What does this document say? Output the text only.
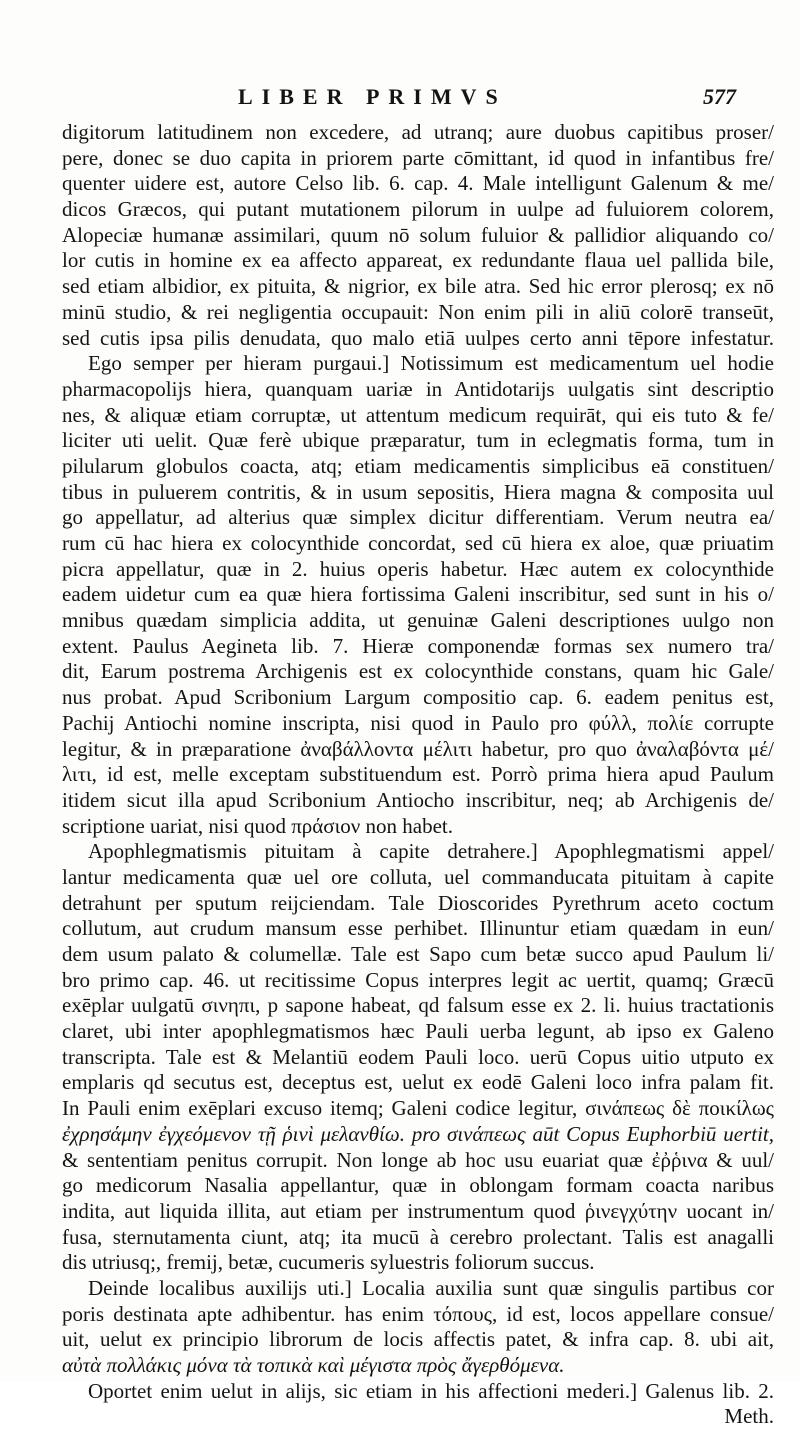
LIBER PRIMVS	577
digitorum latitudinem non excedere, ad utranq; aure duobus capitibus proser/
pere, donec se duo capita in priorem parte cōmittant, id quod in infantibus fre/
quenter uidere est, autore Celso lib. 6. cap. 4. Male intelligunt Galenum & me/
dicos Græcos, qui putant mutationem pilorum in uulpe ad fuluiorem colorem,
Alopeciæ humanæ assimilari, quum nō solum fuluior & pallidior aliquando co/
lor cutis in homine ex ea affecto appareat, ex redundante flaua uel pallida bile,
sed etiam albidior, ex pituita, & nigrior, ex bile atra. Sed hic error plerosq; ex nō
minū studio, & rei negligentia occupauit: Non enim pili in aliū colorē transeūt,
sed cutis ipsa pilis denudata, quo malo etiā uulpes certo anni tēpore infestatur.
Ego semper per hieram purgaui.] Notissimum est medicamentum uel hodie
pharmacopolijs hiera, quanquam uariæ in Antidotarijs uulgatis sint descriptio
nes, & aliquæ etiam corruptæ, ut attentum medicum requirāt, qui eis tuto & fe/
liciter uti uelit. Quæ ferè ubique præparatur, tum in eclegmatis forma, tum in
pilularum globulos coacta, atq; etiam medicamentis simplicibus eā constituen/
tibus in puluerem contritis, & in usum sepositis, Hiera magna & composita uul
go appellatur, ad alterius quæ simplex dicitur differentiam. Verum neutra ea/
rum cū hac hiera ex colocynthide concordat, sed cū hiera ex aloe, quæ priuatim
picra appellatur, quæ in 2. huius operis habetur. Hæc autem ex colocynthide
eadem uidetur cum ea quæ hiera fortissima Galeni inscribitur, sed sunt in his o/
mnibus quædam simplicia addita, ut genuinæ Galeni descriptiones uulgo non
extent. Paulus Aegineta lib. 7. Hieræ componendæ formas sex numero tra/
dit, Earum postrema Archigenis est ex colocynthide constans, quam hic Gale/
nus probat. Apud Scribonium Largum compositio cap. 6. eadem penitus est,
Pachij Antiochi nomine inscripta, nisi quod in Paulo pro φύλλ, πολίε corrupte
legitur, & in præparatione ἀναβάλλοντα μέλιτι habetur, pro quo ἀναλαβόντα μέ/
λιτι, id est, melle exceptam substituendum est. Porrò prima hiera apud Paulum
itidem sicut illa apud Scribonium Antiocho inscribitur, neq; ab Archigenis de/
scriptione uariat, nisi quod πράσιον non habet.
Apophlegmatismis pituitam à capite detrahere.] Apophlegmatismi appel/
lantur medicamenta quæ uel ore colluta, uel commanducata pituitam à capite
detrahunt per sputum reijciendam. Tale Dioscorides Pyrethrum aceto coctum
collutum, aut crudum mansum esse perhibet. Illinuntur etiam quædam in eun/
dem usum palato & columellæ. Tale est Sapo cum betæ succo apud Paulum li/
bro primo cap. 46. ut recitissime Copus interpres legit ac uertit, quamq; Græcū
exēplar uulgatū σινηπι, p sapone habeat, qd falsum esse ex 2. li. huius tractationis
claret, ubi inter apophlegmatismos hæc Pauli uerba legunt, ab ipso ex Galeno
transcripta. Tale est & Melantiū eodem Pauli loco. uerū Copus uitio utputo ex
emplaris qd secutus est, deceptus est, uelut ex eodē Galeni loco infra palam fit.
In Pauli enim exēplari excuso itemq; Galeni codice legitur, σινάπεως δὲ ποικίλως
ἐχρησάμην ἐγχεόμενον τῇ ῥινὶ μελανθίω. pro σινάπεως aūt Copus Euphorbiū uertit,
& sententiam penitus corrupit. Non longe ab hoc usu euariat quæ ἐῤῥινα & uul/
go medicorum Nasalia appellantur, quæ in oblongam formam coacta naribus
indita, aut liquida illita, aut etiam per instrumentum quod ῥινεγχύτην uocant in/
fusa, sternutamenta ciunt, atq; ita mucū à cerebro prolectant. Talis est anagalli
dis utriusq;, fremij, betæ, cucumeris syluestris foliorum succus.
Deinde localibus auxilijs uti.] Localia auxilia sunt quæ singulis partibus cor
poris destinata apte adhibentur. has enim τόπους, id est, locos appellare consue/
uit, uelut ex principio librorum de locis affectis patet, & infra cap. 8. ubi ait,
αὐτὰ πολλάκις μόνα τὰ τοπικὰ καὶ μέγιστα πρὸς ἄγερθόμενα.
Oportet enim uelut in alijs, sic etiam in his affectioni mederi.] Galenus lib. 2.
Meth.
